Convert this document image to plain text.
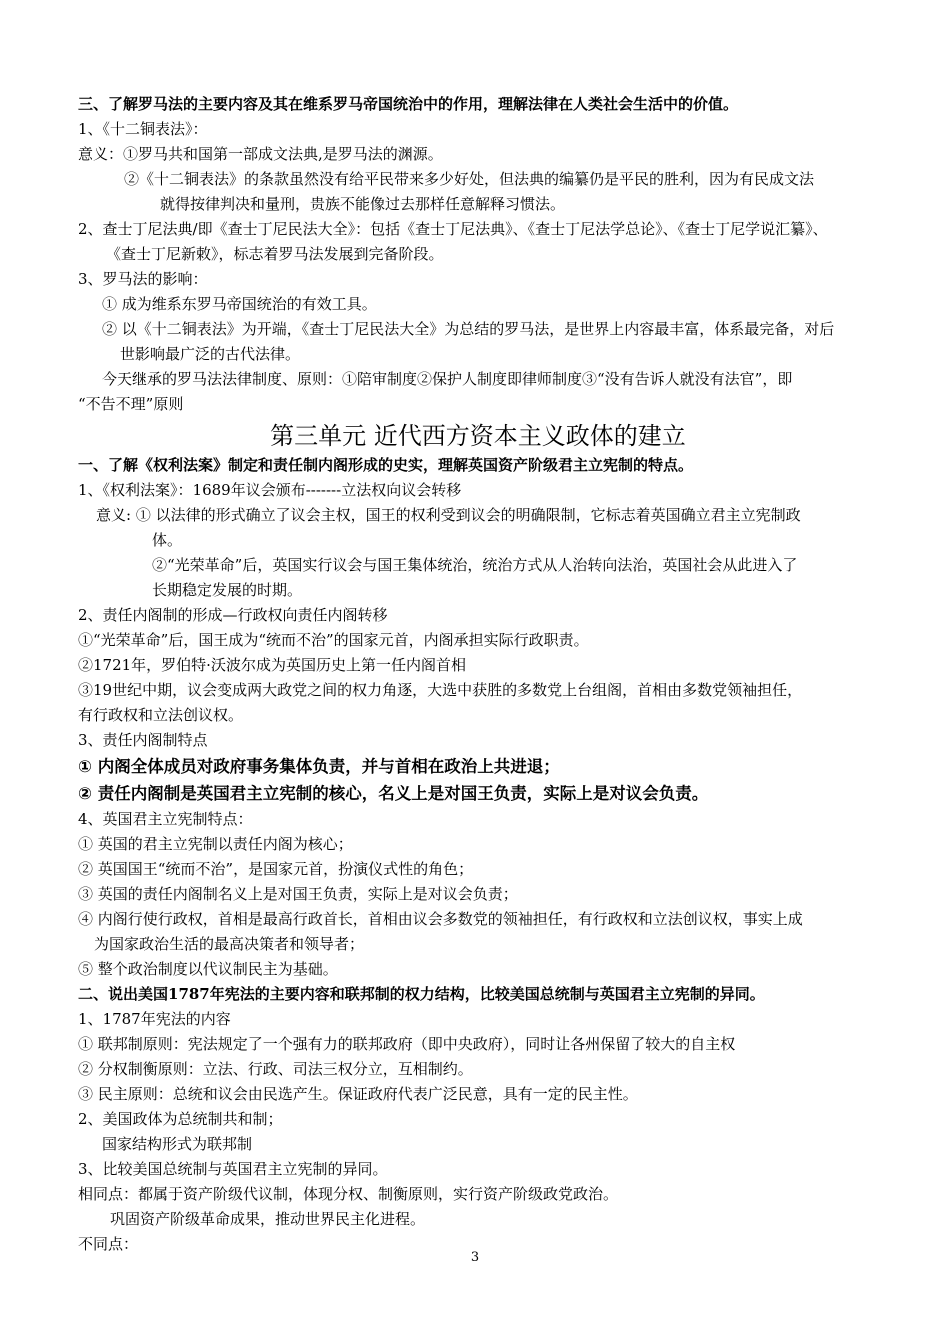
三、了解罗马法的主要内容及其在维系罗马帝国统治中的作用，理解法律在人类社会生活中的价值。

1、《十二铜表法》：

意义：①罗马共和国第一部成文法典,是罗马法的渊源。

②《十二铜表法》的条款虽然没有给平民带来多少好处，但法典的编纂仍是平民的胜利，因为有民成文法

就得按律判决和量刑，贵族不能像过去那样任意解释习惯法。

2、查士丁尼法典/即《查士丁尼民法大全》：包括《查士丁尼法典》、《查士丁尼法学总论》、《查士丁尼学说汇纂》、

《查士丁尼新敕》，标志着罗马法发展到完备阶段。

3、罗马法的影响：

① 成为维系东罗马帝国统治的有效工具。

② 以《十二铜表法》为开端，《查士丁尼民法大全》为总结的罗马法，是世界上内容最丰富，体系最完备，对后

世影响最广泛的古代法律。

今天继承的罗马法法律制度、原则：①陪审制度②保护人制度即律师制度③“没有告诉人就没有法官”，即

“不告不理”原则

第三单元 近代西方资本主义政体的建立

一、了解《权利法案》制定和责任制内阁形成的史实，理解英国资产阶级君主立宪制的特点。

1、《权利法案》：1689年议会颁布-------立法权向议会转移

意义: ① 以法律的形式确立了议会主权，国王的权利受到议会的明确限制，它标志着英国确立君主立宪制政

体。

②“光荣革命”后，英国实行议会与国王集体统治，统治方式从人治转向法治，英国社会从此进入了

长期稳定发展的时期。

2、责任内阁制的形成—行政权向责任内阁转移

①“光荣革命”后，国王成为“统而不治”的国家元首，内阁承担实际行政职责。

②1721年，罗伯特·沃波尔成为英国历史上第一任内阁首相

③19世纪中期，议会变成两大政党之间的权力角逐，大选中获胜的多数党上台组阁，首相由多数党领袖担任，

有行政权和立法创议权。

3、责任内阁制特点

① 内阁全体成员对政府事务集体负责，并与首相在政治上共进退；

② 责任内阁制是英国君主立宪制的核心，名义上是对国王负责，实际上是对议会负责。

4、英国君主立宪制特点：

① 英国的君主立宪制以责任内阁为核心；

② 英国国王“统而不治”，是国家元首，扮演仪式性的角色；

③ 英国的责任内阁制名义上是对国王负责，实际上是对议会负责；

④ 内阁行使行政权，首相是最高行政首长，首相由议会多数党的领袖担任，有行政权和立法创议权，事实上成

为国家政治生活的最高决策者和领导者；

⑤ 整个政治制度以代议制民主为基础。

二、说出美国1787年宪法的主要内容和联邦制的权力结构，比较美国总统制与英国君主立宪制的异同。

1、1787年宪法的内容

① 联邦制原则：宪法规定了一个强有力的联邦政府（即中央政府），同时让各州保留了较大的自主权

② 分权制衡原则：立法、行政、司法三权分立，互相制约。

③ 民主原则：总统和议会由民选产生。保证政府代表广泛民意，具有一定的民主性。

2、美国政体为总统制共和制；

国家结构形式为联邦制

3、比较美国总统制与英国君主立宪制的异同。

相同点：都属于资产阶级代议制，体现分权、制衡原则，实行资产阶级政党政治。

巩固资产阶级革命成果，推动世界民主化进程。

不同点：

3
